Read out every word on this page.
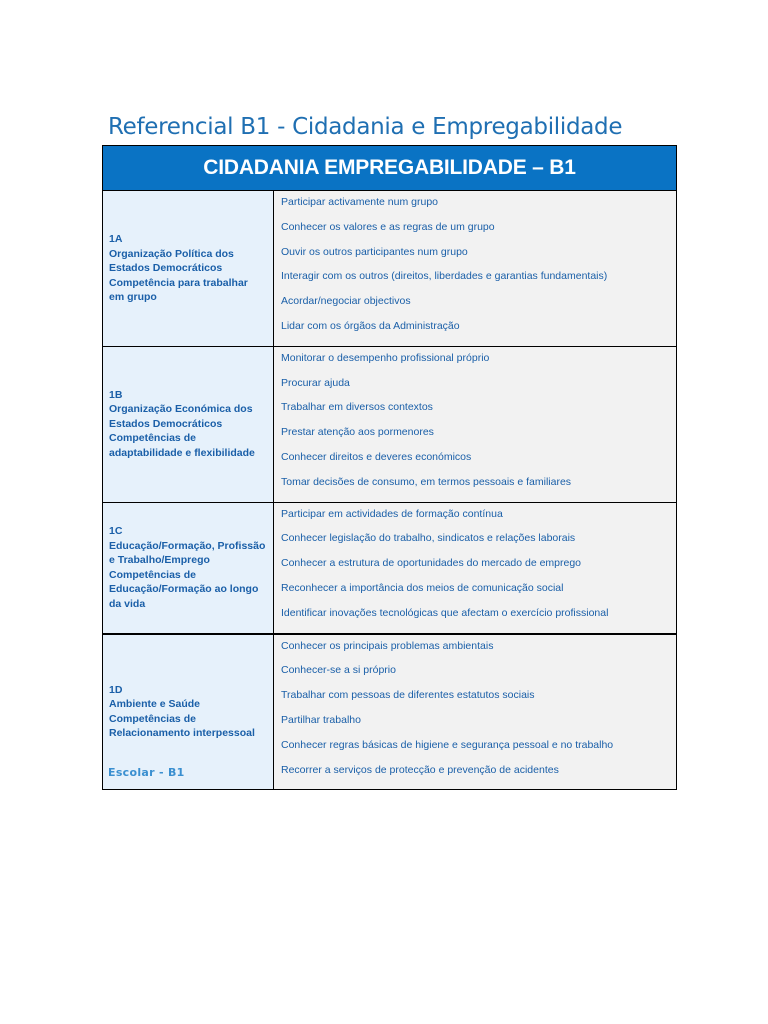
Referencial B1 - Cidadania e Empregabilidade
CIDADANIA EMPREGABILIDADE – B1
1A
Organização Política dos
Estados Democráticos
Competência para trabalhar
em grupo
Participar activamente num grupo
Conhecer os valores e as regras de um grupo
Ouvir os outros participantes num grupo
Interagir com os outros (direitos, liberdades e garantias fundamentais)
Acordar/negociar objectivos
Lidar com os órgãos da Administração
1B
Organização Económica dos
Estados Democráticos
Competências de
adaptabilidade e flexibilidade
Monitorar o desempenho profissional próprio
Procurar ajuda
Trabalhar em diversos contextos
Prestar atenção aos pormenores
Conhecer direitos e deveres económicos
Tomar decisões de consumo, em termos pessoais e familiares
1C
Educação/Formação, Profissão
e Trabalho/Emprego
Competências de
Educação/Formação ao longo
da vida
Participar em actividades de formação contínua
Conhecer legislação do trabalho, sindicatos e relações laborais
Conhecer a estrutura de oportunidades do mercado de emprego
Reconhecer a importância dos meios de comunicação social
Identificar inovações tecnológicas que afectam o exercício profissional
1D
Ambiente e Saúde
Competências de
Relacionamento interpessoal
Conhecer os principais problemas ambientais
Conhecer-se a si próprio
Trabalhar com pessoas de diferentes estatutos sociais
Partilhar trabalho
Conhecer regras básicas de higiene e segurança pessoal e no trabalho
Recorrer a serviços de protecção e prevenção de acidentes
Escolar - B1
